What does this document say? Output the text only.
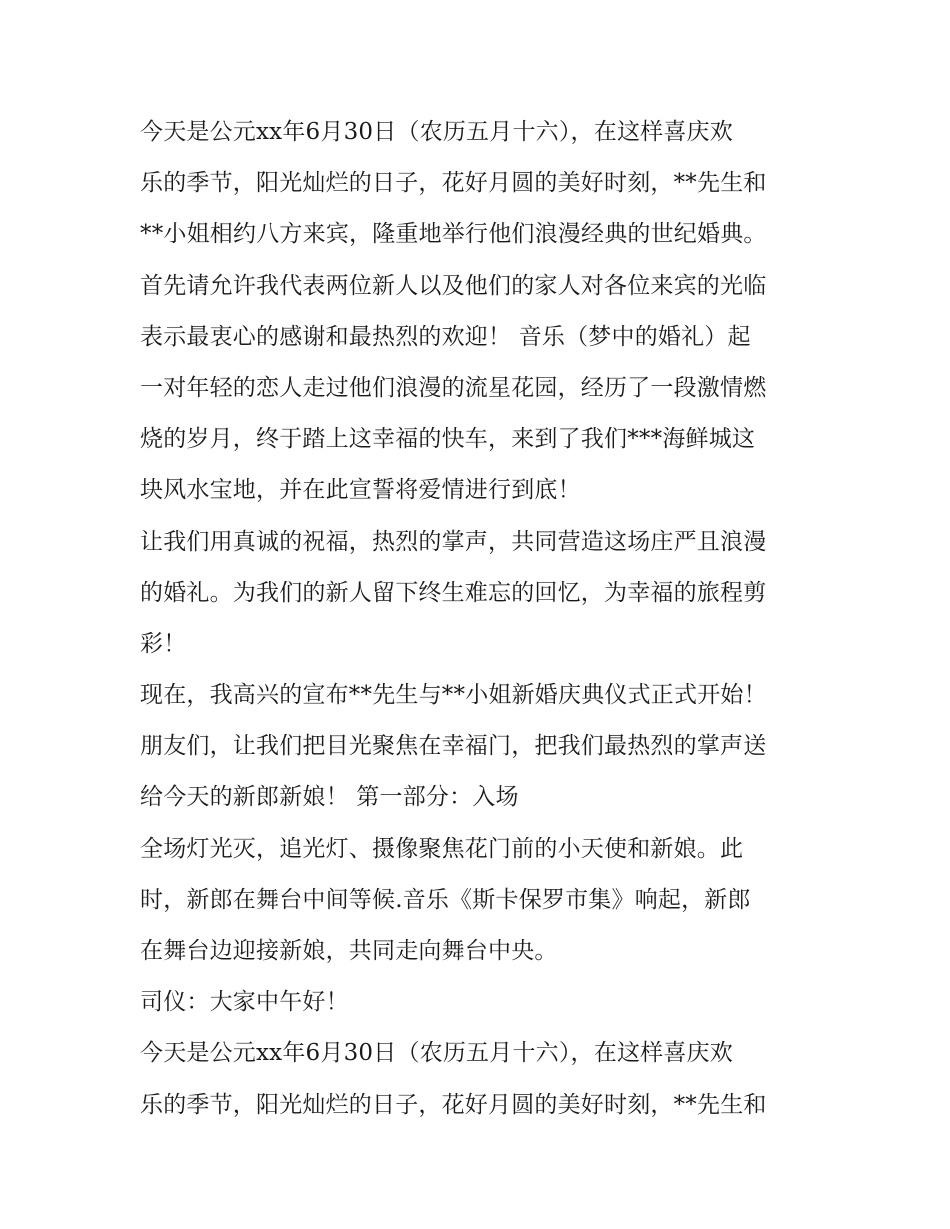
今天是公元xx年6月30日（农历五月十六），在这样喜庆欢
乐的季节，阳光灿烂的日子，花好月圆的美好时刻，**先生和
**小姐相约八方来宾，隆重地举行他们浪漫经典的世纪婚典。
首先请允许我代表两位新人以及他们的家人对各位来宾的光临
表示最衷心的感谢和最热烈的欢迎！ 音乐（梦中的婚礼）起
一对年轻的恋人走过他们浪漫的流星花园，经历了一段激情燃
烧的岁月，终于踏上这幸福的快车，来到了我们***海鲜城这
块风水宝地，并在此宣誓将爱情进行到底！
让我们用真诚的祝福，热烈的掌声，共同营造这场庄严且浪漫
的婚礼。为我们的新人留下终生难忘的回忆，为幸福的旅程剪
彩！
现在，我高兴的宣布**先生与**小姐新婚庆典仪式正式开始！
朋友们，让我们把目光聚焦在幸福门，把我们最热烈的掌声送
给今天的新郎新娘！ 第一部分：入场
全场灯光灭，追光灯、摄像聚焦花门前的小天使和新娘。此
时，新郎在舞台中间等候.音乐《斯卡保罗市集》响起，新郎
在舞台边迎接新娘，共同走向舞台中央。
司仪：大家中午好！
今天是公元xx年6月30日（农历五月十六），在这样喜庆欢
乐的季节，阳光灿烂的日子，花好月圆的美好时刻，**先生和
